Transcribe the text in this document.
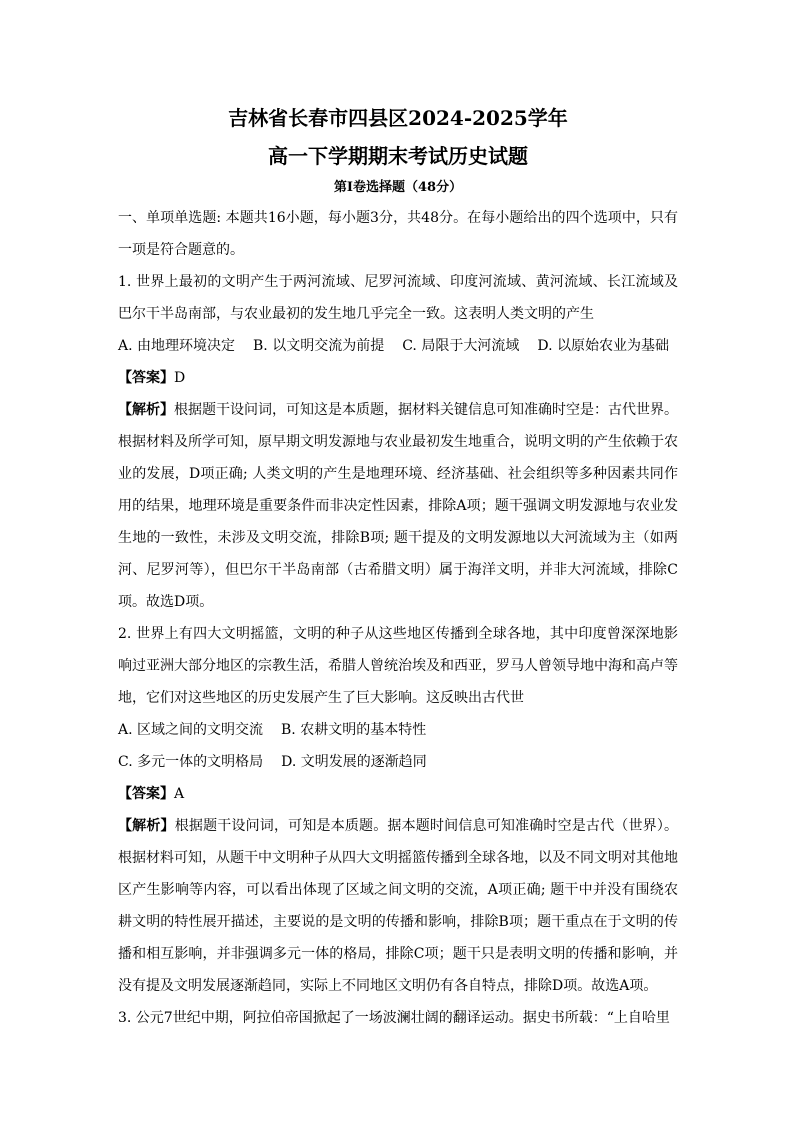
吉林省长春市四县区2024-2025学年
高一下学期期末考试历史试题
第Ⅰ卷选择题（48分）

一、单项单选题: 本题共16小题，每小题3分，共48分。在每小题给出的四个选项中，只有一项是符合题意的。

1. 世界上最初的文明产生于两河流域、尼罗河流域、印度河流域、黄河流域、长江流域及巴尔干半岛南部，与农业最初的发生地几乎完全一致。这表明人类文明的产生

A. 由地理环境决定 B. 以文明交流为前提 C. 局限于大河流域 D. 以原始农业为基础

【答案】D

【解析】根据题干设问词，可知这是本质题，据材料关键信息可知准确时空是：古代世界。根据材料及所学可知，原早期文明发源地与农业最初发生地重合，说明文明的产生依赖于农业的发展，D项正确; 人类文明的产生是地理环境、经济基础、社会组织等多种因素共同作用的结果，地理环境是重要条件而非决定性因素，排除A项；题干强调文明发源地与农业发生地的一致性，未涉及文明交流，排除B项; 题干提及的文明发源地以大河流域为主（如两河、尼罗河等），但巴尔干半岛南部（古希腊文明）属于海洋文明，并非大河流域，排除C项。故选D项。

2. 世界上有四大文明摇篮，文明的种子从这些地区传播到全球各地，其中印度曾深深地影响过亚洲大部分地区的宗教生活，希腊人曾统治埃及和西亚，罗马人曾领导地中海和高卢等地，它们对这些地区的历史发展产生了巨大影响。这反映出古代世

A. 区域之间的文明交流 B. 农耕文明的基本特性
C. 多元一体的文明格局 D. 文明发展的逐渐趋同

【答案】A

【解析】根据题干设问词，可知是本质题。据本题时间信息可知准确时空是古代（世界）。根据材料可知，从题干中文明种子从四大文明摇篮传播到全球各地，以及不同文明对其他地区产生影响等内容，可以看出体现了区域之间文明的交流，A项正确; 题干中并没有围绕农耕文明的特性展开描述，主要说的是文明的传播和影响，排除B项；题干重点在于文明的传播和相互影响，并非强调多元一体的格局，排除C项；题干只是表明文明的传播和影响，并没有提及文明发展逐渐趋同，实际上不同地区文明仍有各自特点，排除D项。故选A项。

3. 公元7世纪中期，阿拉伯帝国掀起了一场波澜壮阔的翻译运动。据史书所载：“上自哈里
